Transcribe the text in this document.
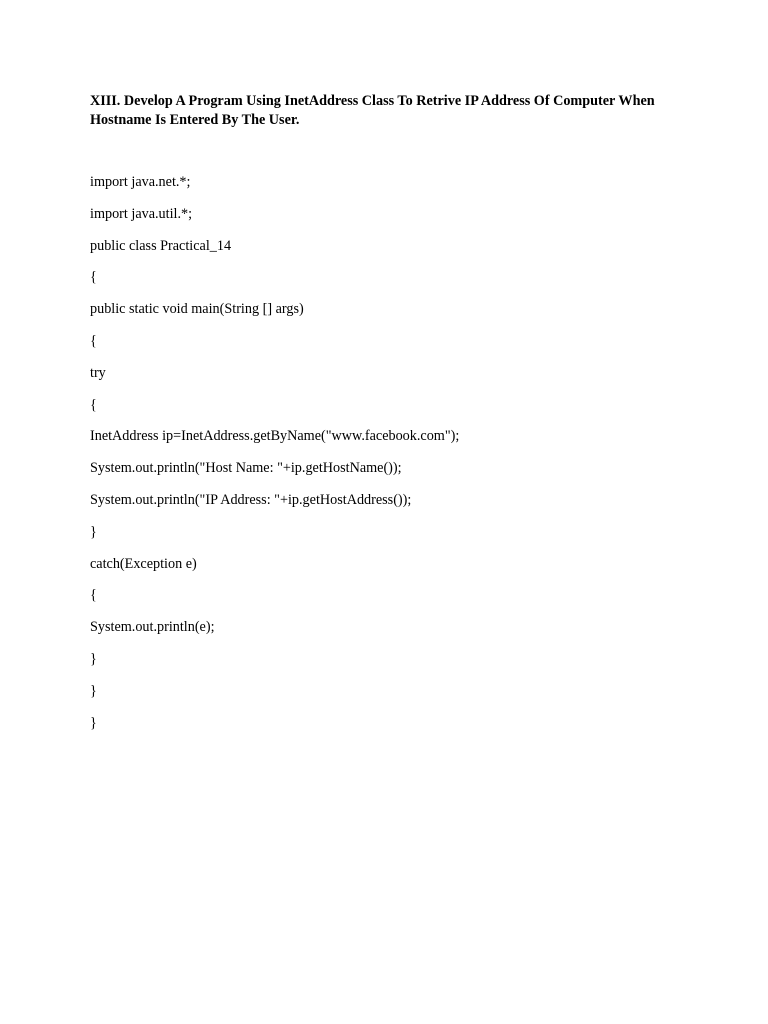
XIII. Develop A Program Using InetAddress Class To Retrive IP Address Of Computer When Hostname Is Entered By The User.
import java.net.*;
import java.util.*;
public class Practical_14
{
public static void main(String [] args)
{
try
{
InetAddress ip=InetAddress.getByName("www.facebook.com");
System.out.println("Host Name: "+ip.getHostName());
System.out.println("IP Address: "+ip.getHostAddress());
}
catch(Exception e)
{
System.out.println(e);
}
}
}
